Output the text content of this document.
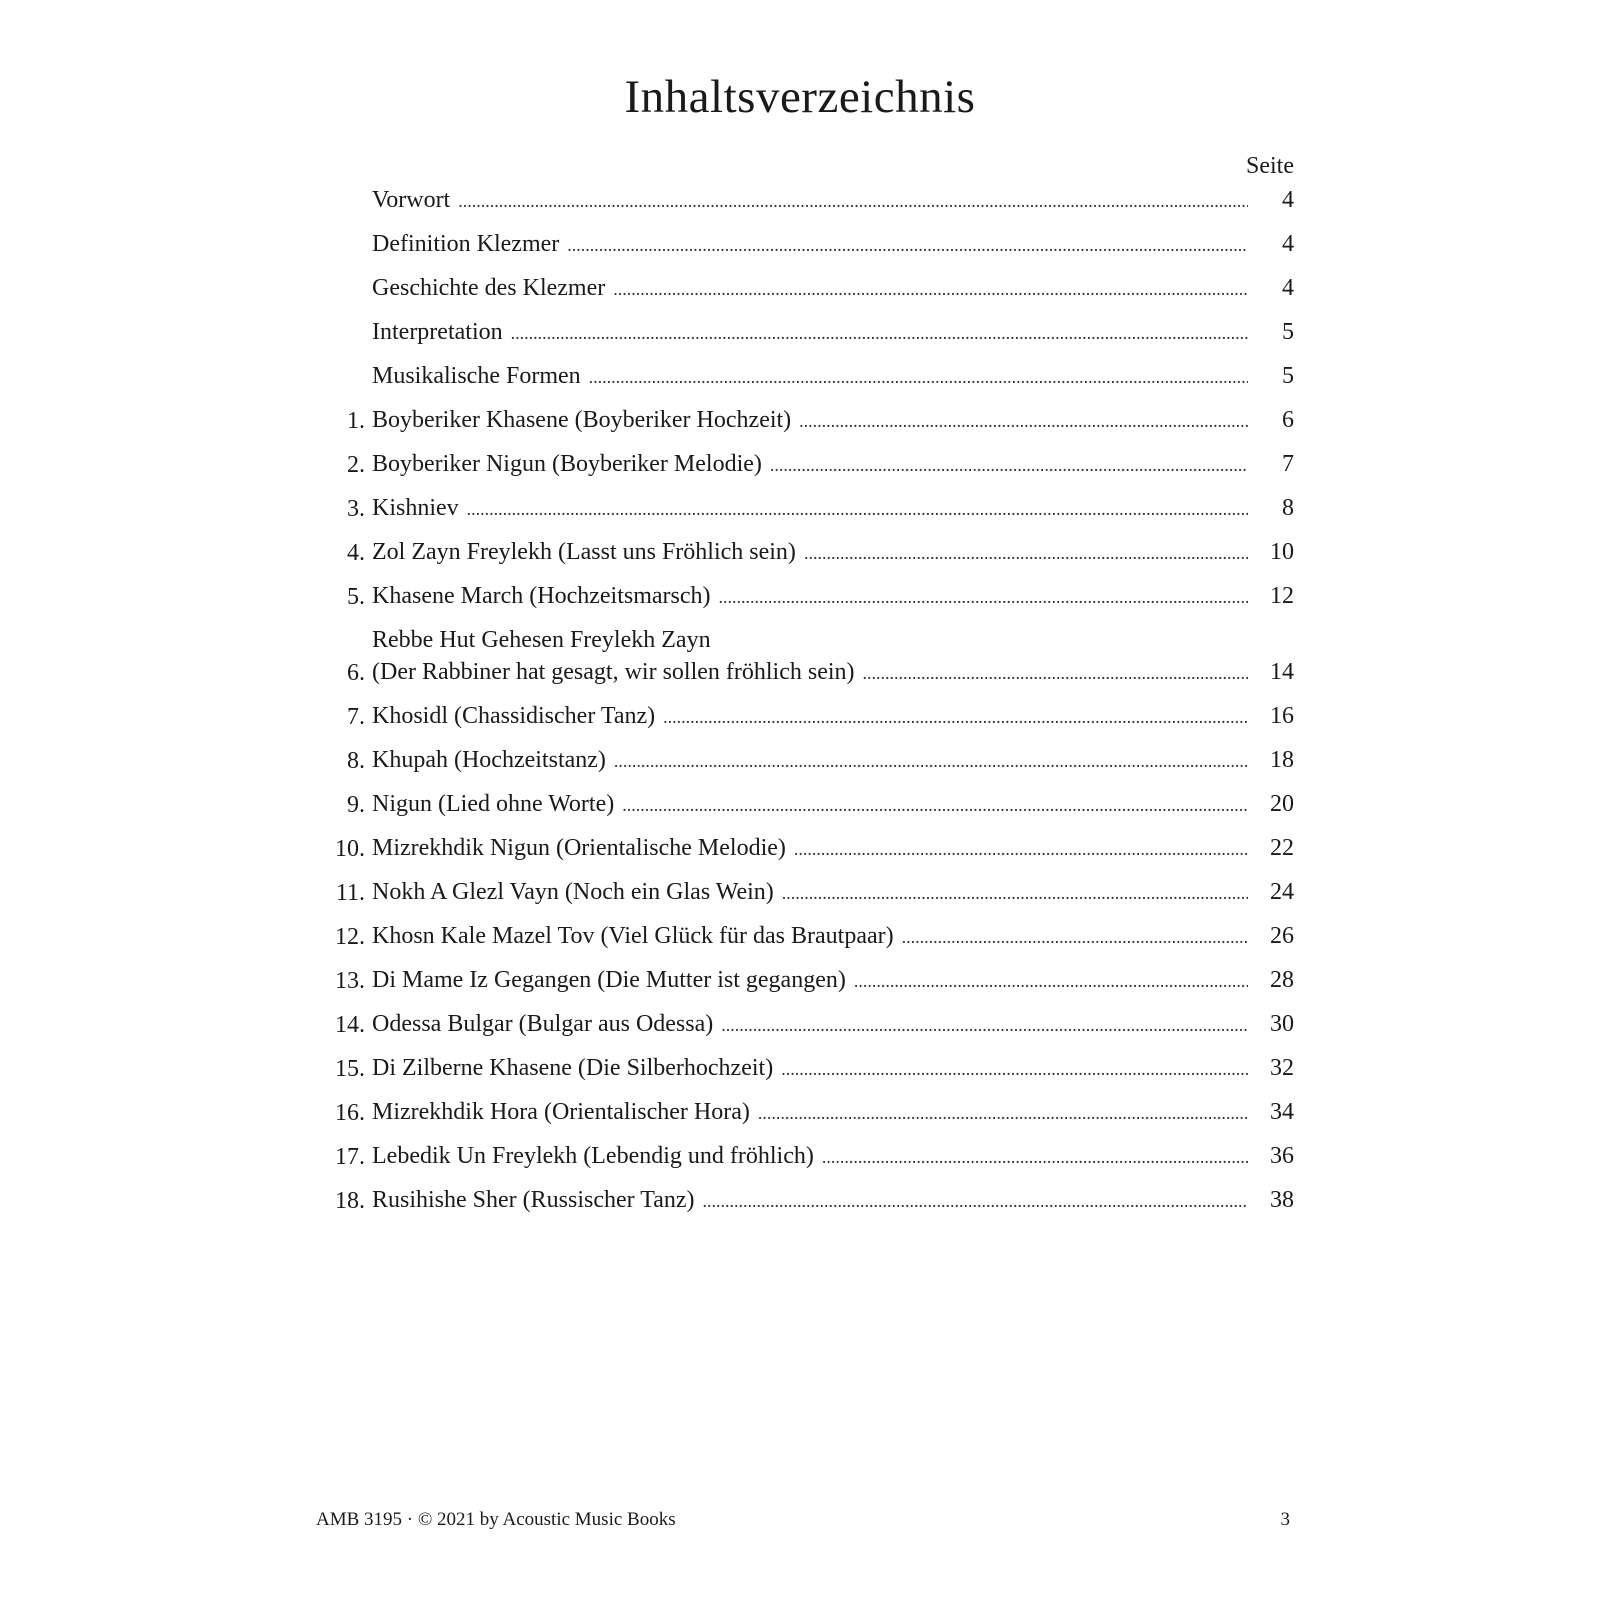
Inhaltsverzeichnis
Seite
Vorwort .....	4
Definition Klezmer .....	4
Geschichte des Klezmer .....	4
Interpretation .....	5
Musikalische Formen .....	5
1. Boyberiker Khasene (Boyberiker Hochzeit) .....	6
2. Boyberiker Nigun (Boyberiker Melodie) .....	7
3. Kishniev .....	8
4. Zol Zayn Freylekh (Lasst uns Fröhlich sein) .....	10
5. Khasene March (Hochzeitsmarsch) .....	12
6.
Rebbe Hut Gehesen Freylekh Zayn
(Der Rabbiner hat gesagt, wir sollen fröhlich sein) .....	14
7. Khosidl (Chassidischer Tanz) .....	16
8. Khupah (Hochzeitstanz) .....	18
9. Nigun (Lied ohne Worte) .....	20
10. Mizrekhdik Nigun (Orientalische Melodie) .....	22
11. Nokh A Glezl Vayn (Noch ein Glas Wein) .....	24
12. Khosn Kale Mazel Tov (Viel Glück für das Brautpaar) .....	26
13. Di Mame Iz Gegangen (Die Mutter ist gegangen) .....	28
14. Odessa Bulgar (Bulgar aus Odessa) .....	30
15. Di Zilberne Khasene (Die Silberhochzeit) .....	32
16. Mizrekhdik Hora (Orientalischer Hora) .....	34
17. Lebedik Un Freylekh (Lebendig und fröhlich) .....	36
18. Rusihishe Sher (Russischer Tanz) .....	38
AMB 3195 · © 2021 by Acoustic Music Books	3
